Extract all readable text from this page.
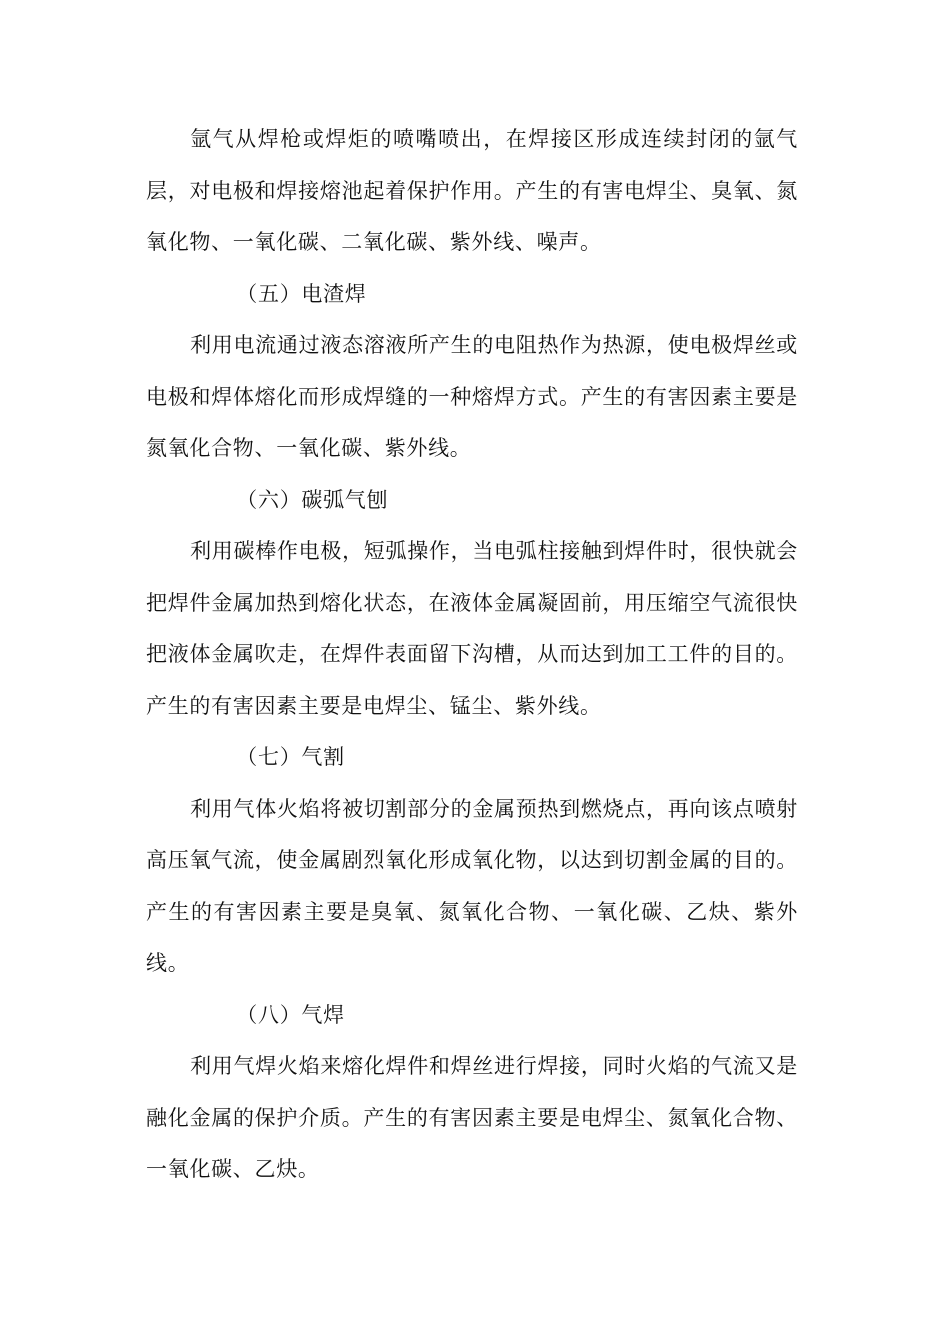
氩气从焊枪或焊炬的喷嘴喷出，在焊接区形成连续封闭的氩气层，对电极和焊接熔池起着保护作用。产生的有害电焊尘、臭氧、氮氧化物、一氧化碳、二氧化碳、紫外线、噪声。

（五）电渣焊

利用电流通过液态溶液所产生的电阻热作为热源，使电极焊丝或电极和焊体熔化而形成焊缝的一种熔焊方式。产生的有害因素主要是氮氧化合物、一氧化碳、紫外线。

（六）碳弧气刨

利用碳棒作电极，短弧操作，当电弧柱接触到焊件时，很快就会把焊件金属加热到熔化状态，在液体金属凝固前，用压缩空气流很快把液体金属吹走，在焊件表面留下沟槽，从而达到加工工件的目的。产生的有害因素主要是电焊尘、锰尘、紫外线。

（七）气割

利用气体火焰将被切割部分的金属预热到燃烧点，再向该点喷射高压氧气流，使金属剧烈氧化形成氧化物，以达到切割金属的目的。产生的有害因素主要是臭氧、氮氧化合物、一氧化碳、乙炔、紫外线。

（八）气焊

利用气焊火焰来熔化焊件和焊丝进行焊接，同时火焰的气流又是融化金属的保护介质。产生的有害因素主要是电焊尘、氮氧化合物、一氧化碳、乙炔。
